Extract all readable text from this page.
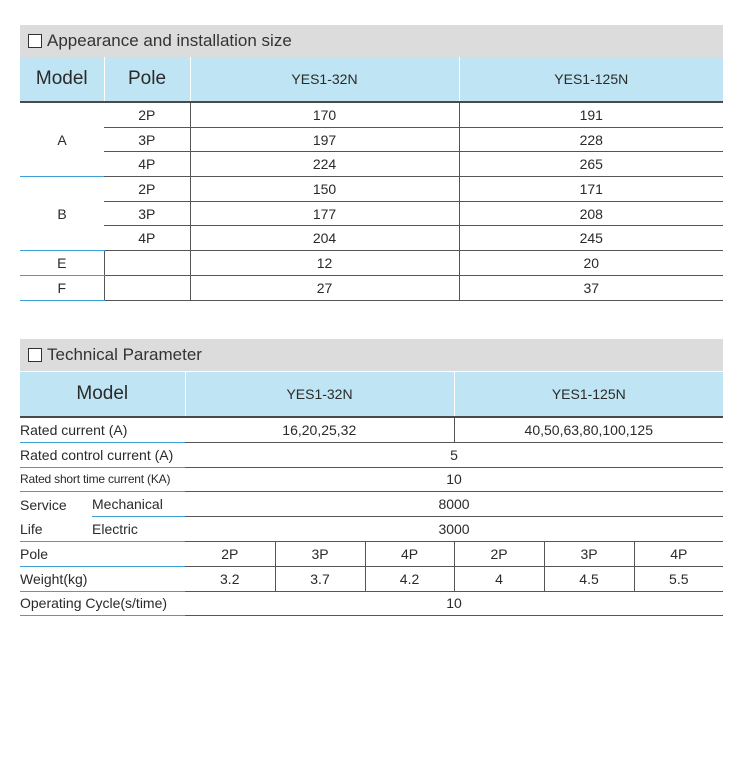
Appearance and installation size
Model	Pole	YES1-32N	YES1-125N
A	2P	170	191
	3P	197	228
	4P	224	265
B	2P	150	171
	3P	177	208
	4P	204	245
E		12	20
F		27	37
Technical Parameter
Model		YES1-32N			YES1-125N		
Rated current (A)		16,20,25,32			40,50,63,80,100,125		
Rated control current (A)		5					
Rated short time current (KA)		10					
Service	Mechanical	8000					
Life	Electric	3000					
Pole		2P	3P	4P	2P	3P	4P
Weight(kg)		3.2	3.7	4.2	4	4.5	5.5
Operating Cycle(s/time)		10					
